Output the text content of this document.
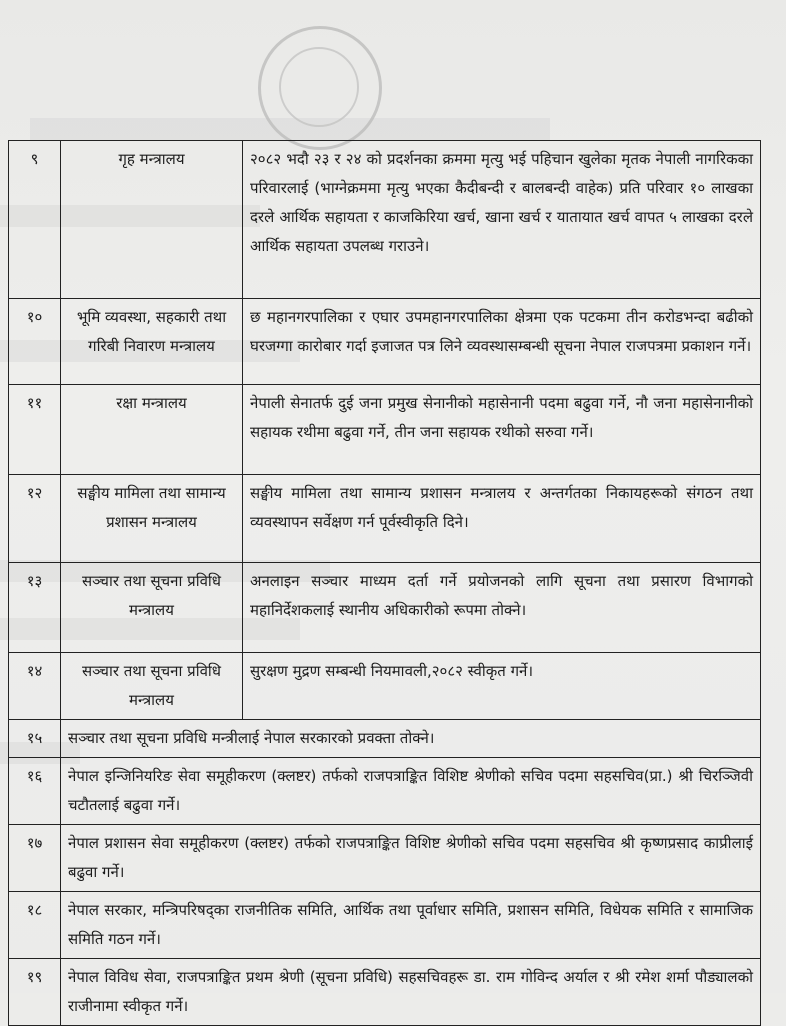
९	गृह मन्त्रालय	२०८२ भदौ २३ र २४ को प्रदर्शनका क्रममा मृत्यु भई पहिचान खुलेका मृतक नेपाली नागरिकका परिवारलाई (भाग्नेक्रममा मृत्यु भएका कैदीबन्दी र बालबन्दी वाहेक) प्रति परिवार १० लाखका दरले आर्थिक सहायता र काजकिरिया खर्च, खाना खर्च र यातायात खर्च वापत ५ लाखका दरले आर्थिक सहायता उपलब्ध गराउने।
१०	भूमि व्यवस्था, सहकारी तथा गरिबी निवारण मन्त्रालय	छ महानगरपालिका र एघार उपमहानगरपालिका क्षेत्रमा एक पटकमा तीन करोडभन्दा बढीको घरजग्गा कारोबार गर्दा इजाजत पत्र लिने व्यवस्थासम्बन्धी सूचना नेपाल राजपत्रमा प्रकाशन गर्ने।
११	रक्षा मन्त्रालय	नेपाली सेनातर्फ दुई जना प्रमुख सेनानीको महासेनानी पदमा बढुवा गर्ने, नौ जना महासेनानीको सहायक रथीमा बढुवा गर्ने, तीन जना सहायक रथीको सरुवा गर्ने।
१२	सङ्घीय मामिला तथा सामान्य प्रशासन मन्त्रालय	सङ्घीय मामिला तथा सामान्य प्रशासन मन्त्रालय र अन्तर्गतका निकायहरूको संगठन तथा व्यवस्थापन सर्वेक्षण गर्न पूर्वस्वीकृति दिने।
१३	सञ्चार तथा सूचना प्रविधि मन्त्रालय	अनलाइन सञ्चार माध्यम दर्ता गर्ने प्रयोजनको लागि सूचना तथा प्रसारण विभागको महानिर्देशकलाई स्थानीय अधिकारीको रूपमा तोक्ने।
१४	सञ्चार तथा सूचना प्रविधि मन्त्रालय	सुरक्षण मुद्रण सम्बन्धी नियमावली,२०८२ स्वीकृत गर्ने।
१५	सञ्चार तथा सूचना प्रविधि मन्त्रीलाई नेपाल सरकारको प्रवक्ता तोक्ने।	
१६	नेपाल इन्जिनियरिङ सेवा समूहीकरण (क्लष्टर) तर्फको राजपत्राङ्कित विशिष्ट श्रेणीको सचिव पदमा सहसचिव(प्रा.) श्री चिरञ्जिवी चटौतलाई बढुवा गर्ने।	
१७	नेपाल प्रशासन सेवा समूहीकरण (क्लष्टर) तर्फको राजपत्राङ्कित विशिष्ट श्रेणीको सचिव पदमा सहसचिव श्री कृष्णप्रसाद काप्रीलाई बढुवा गर्ने।	
१८	नेपाल सरकार, मन्त्रिपरिषद्का राजनीतिक समिति, आर्थिक तथा पूर्वाधार समिति, प्रशासन समिति, विधेयक समिति र सामाजिक समिति गठन गर्ने।	
१९	नेपाल विविध सेवा, राजपत्राङ्कित प्रथम श्रेणी (सूचना प्रविधि) सहसचिवहरू डा. राम गोविन्द अर्याल र श्री रमेश शर्मा पौड्यालको राजीनामा स्वीकृत गर्ने।	
